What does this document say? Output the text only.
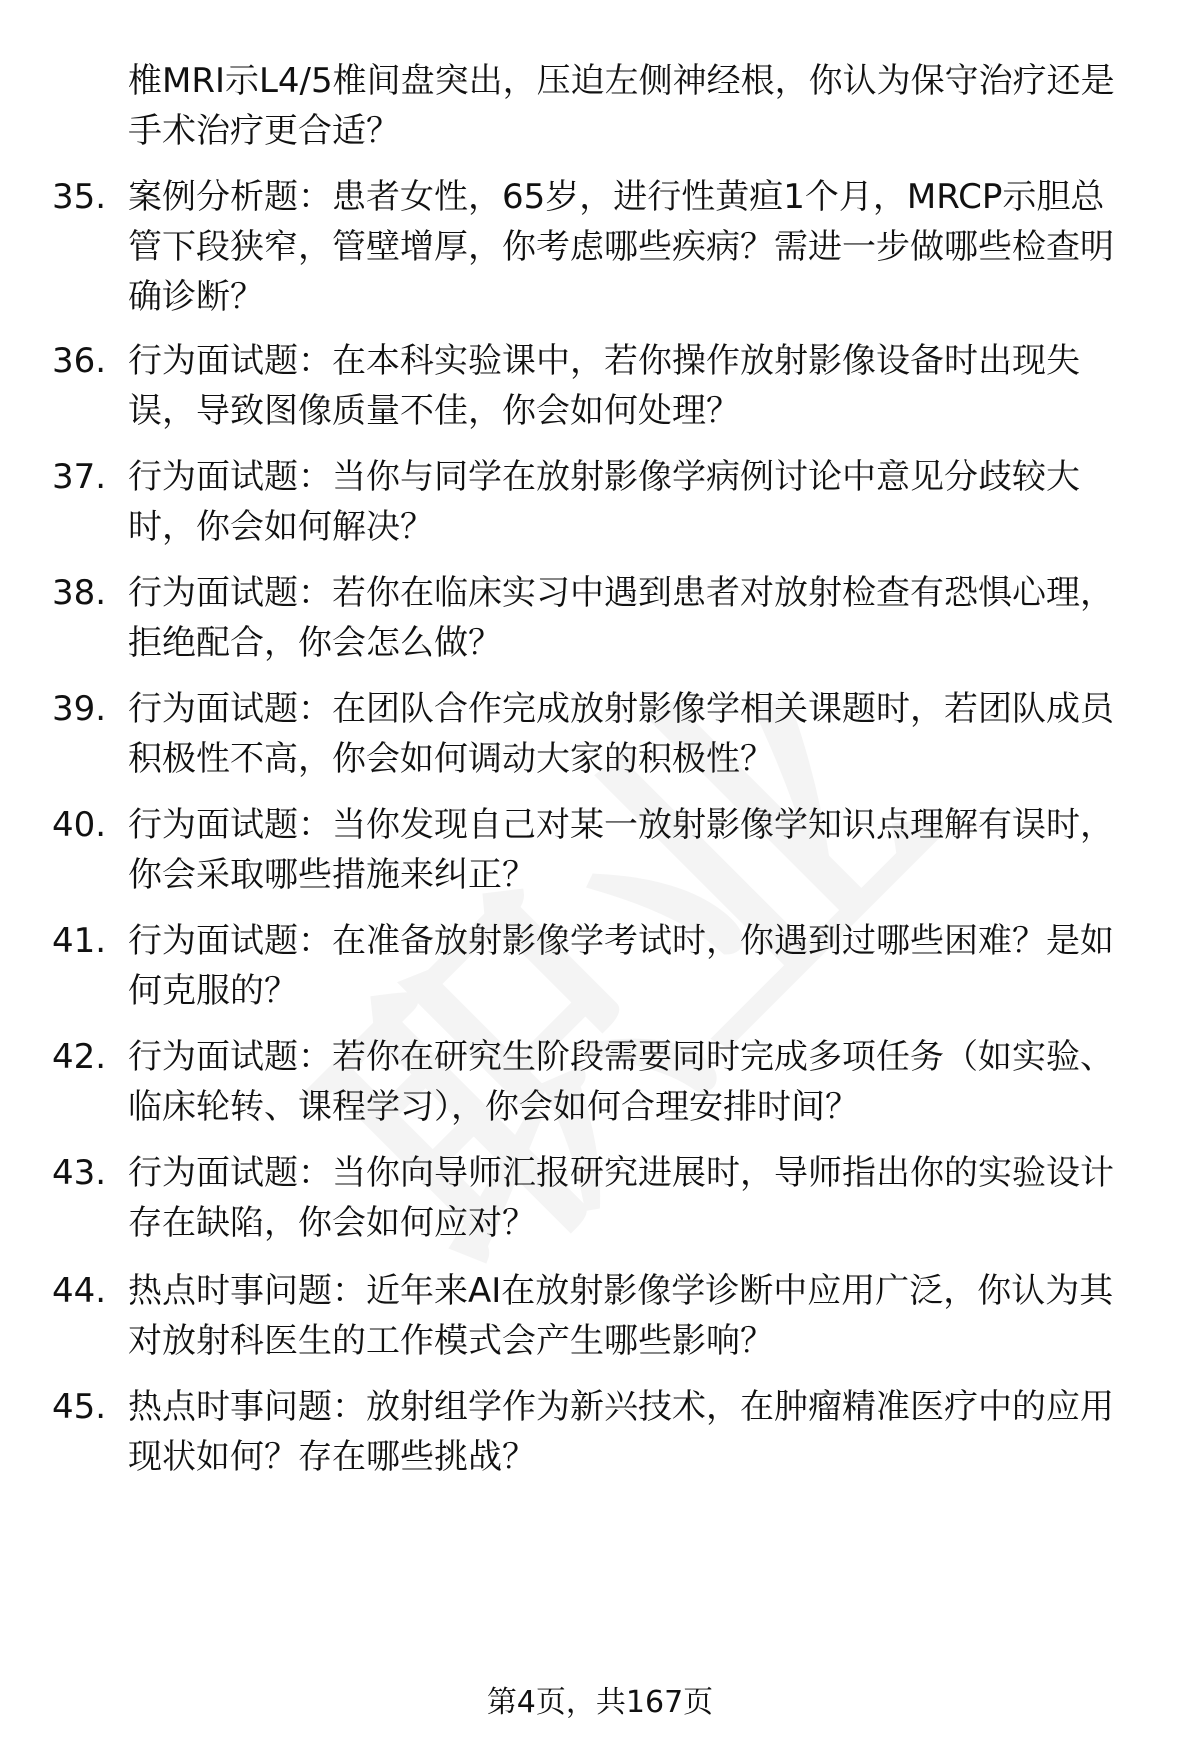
椎MRI示L4/5椎间盘突出，压迫左侧神经根，你认为保守治疗还是手术治疗更合适？
35. 案例分析题：患者女性，65岁，进行性黄疸1个月，MRCP示胆总管下段狭窄，管壁增厚，你考虑哪些疾病？需进一步做哪些检查明确诊断？
36. 行为面试题：在本科实验课中，若你操作放射影像设备时出现失误，导致图像质量不佳，你会如何处理？
37. 行为面试题：当你与同学在放射影像学病例讨论中意见分歧较大时，你会如何解决？
38. 行为面试题：若你在临床实习中遇到患者对放射检查有恐惧心理，拒绝配合，你会怎么做？
39. 行为面试题：在团队合作完成放射影像学相关课题时，若团队成员积极性不高，你会如何调动大家的积极性？
40. 行为面试题：当你发现自己对某一放射影像学知识点理解有误时，你会采取哪些措施来纠正？
41. 行为面试题：在准备放射影像学考试时，你遇到过哪些困难？是如何克服的？
42. 行为面试题：若你在研究生阶段需要同时完成多项任务（如实验、临床轮转、课程学习），你会如何合理安排时间？
43. 行为面试题：当你向导师汇报研究进展时，导师指出你的实验设计存在缺陷，你会如何应对？
44. 热点时事问题：近年来AI在放射影像学诊断中应用广泛，你认为其对放射科医生的工作模式会产生哪些影响？
45. 热点时事问题：放射组学作为新兴技术，在肿瘤精准医疗中的应用现状如何？存在哪些挑战？
第4页，共167页
